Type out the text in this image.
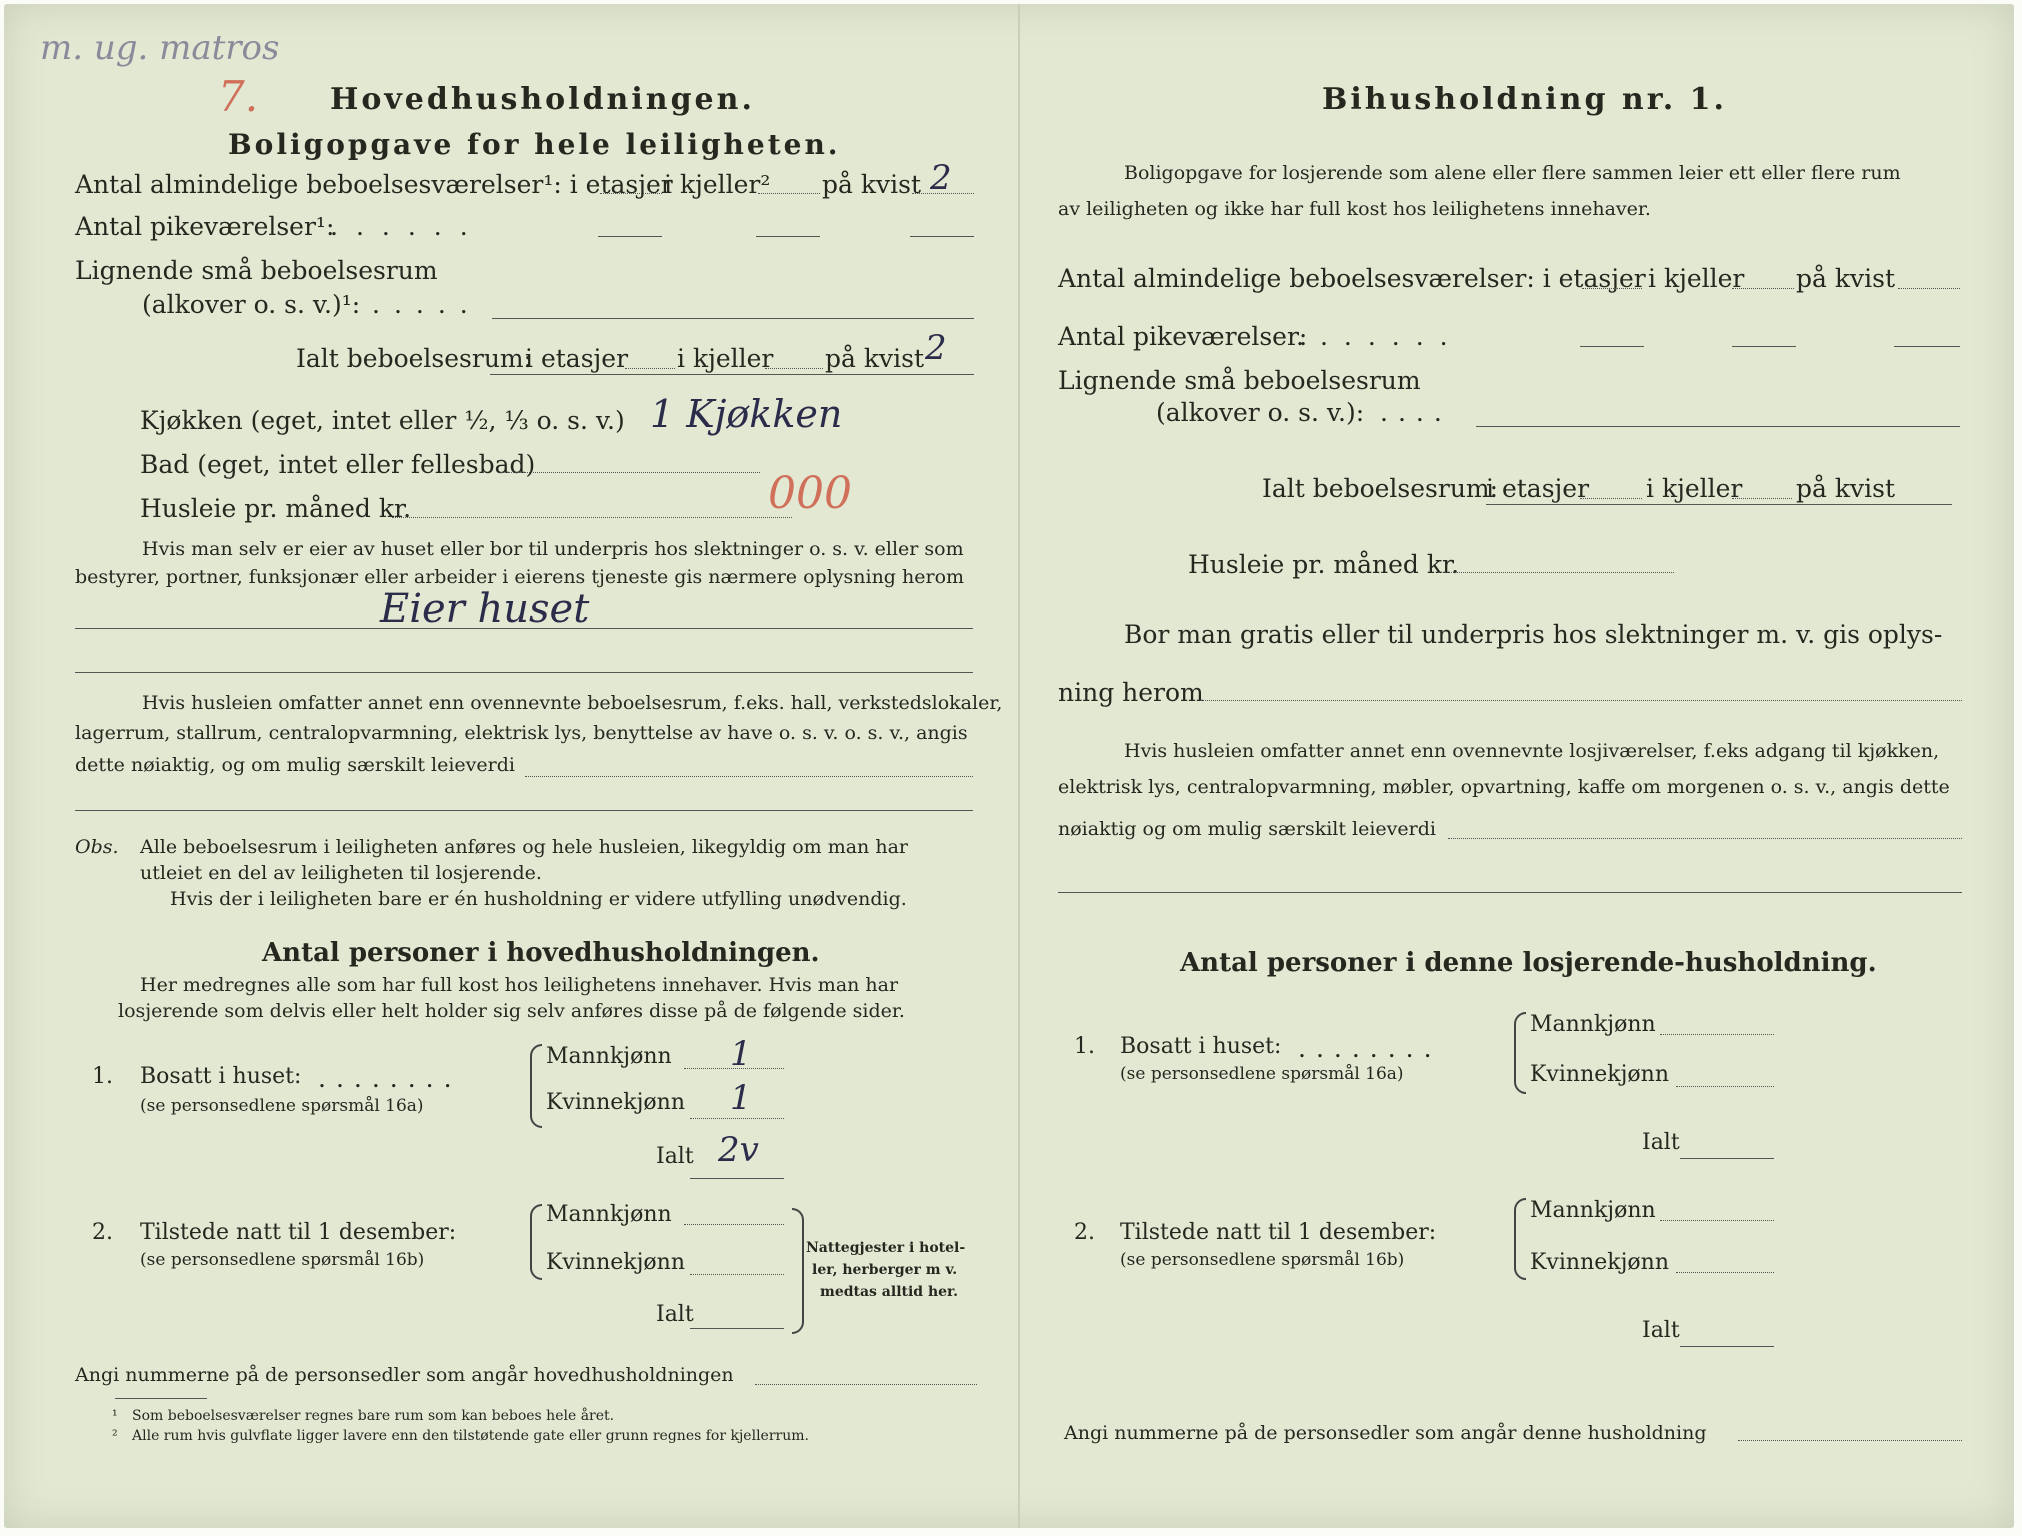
m. ug. matros
7. Hovedhusholdningen.
Boligopgave for hele leiligheten.
Antal almindelige beboelsesværelser¹: i etasjer
i kjeller² på kvist 2
Antal pikeværelser¹:
......
Lignende små beboelsesrum
(alkover o. s. v.)¹: .....
Ialt beboelsesrum:
i etasjer i kjeller på kvist 2
Kjøkken (eget, intet eller ½, ⅓ o. s. v.) 1 Kjøkken
Bad (eget, intet eller fellesbad)
Husleie pr. måned kr.	000
Hvis man selv er eier av huset eller bor til underpris hos slektninger o. s. v. eller som
bestyrer, portner, funksjonær eller arbeider i eierens tjeneste gis nærmere oplysning herom
Eier huset
Hvis husleien omfatter annet enn ovennevnte beboelsesrum, f.eks. hall, verkstedslokaler,
lagerrum, stallrum, centralopvarmning, elektrisk lys, benyttelse av have o. s. v. o. s. v., angis
dette nøiaktig, og om mulig særskilt leieverdi
Obs. Alle beboelsesrum i leiligheten anføres og hele husleien, likegyldig om man har
utleiet en del av leiligheten til losjerende.
Hvis der i leiligheten bare er én husholdning er videre utfylling unødvendig.
Antal personer i hovedhusholdningen.
Her medregnes alle som har full kost hos leilighetens innehaver. Hvis man har
losjerende som delvis eller helt holder sig selv anføres disse på de følgende sider.
1. Bosatt i huset: ........
(se personsedlene spørsmål 16a)
Mannkjønn 1
Kvinnekjønn 1
Ialt 2v
2. Tilstede natt til 1 desember:
(se personsedlene spørsmål 16b)
Mannkjønn
Kvinnekjønn
Ialt
Nattegjester i hotel-
ler, herberger m v.
medtas alltid her.
Angi nummerne på de personsedler som angår hovedhusholdningen
¹ Som beboelsesværelser regnes bare rum som kan beboes hele året.
² Alle rum hvis gulvflate ligger lavere enn den tilstøtende gate eller grunn regnes for kjellerrum.
Bihusholdning nr. 1.
Boligopgave for losjerende som alene eller flere sammen leier ett eller flere rum
av leiligheten og ikke har full kost hos leilighetens innehaver.
Antal almindelige beboelsesværelser: i etasjer i kjeller på kvist
Antal pikeværelser:
.......
Lignende små beboelsesrum
(alkover o. s. v.): ....
Ialt beboelsesrum:
i etasjer i kjeller på kvist
Husleie pr. måned kr.
Bor man gratis eller til underpris hos slektninger m. v. gis oplys-
ning herom
Hvis husleien omfatter annet enn ovennevnte losjiværelser, f.eks adgang til kjøkken,
elektrisk lys, centralopvarmning, møbler, opvartning, kaffe om morgenen o. s. v., angis dette
nøiaktig og om mulig særskilt leieverdi
Antal personer i denne losjerende-husholdning.
1. Bosatt i huset: ........
(se personsedlene spørsmål 16a)
Mannkjønn
Kvinnekjønn
Ialt
2. Tilstede natt til 1 desember:
(se personsedlene spørsmål 16b)
Mannkjønn
Kvinnekjønn
Ialt
Angi nummerne på de personsedler som angår denne husholdning
